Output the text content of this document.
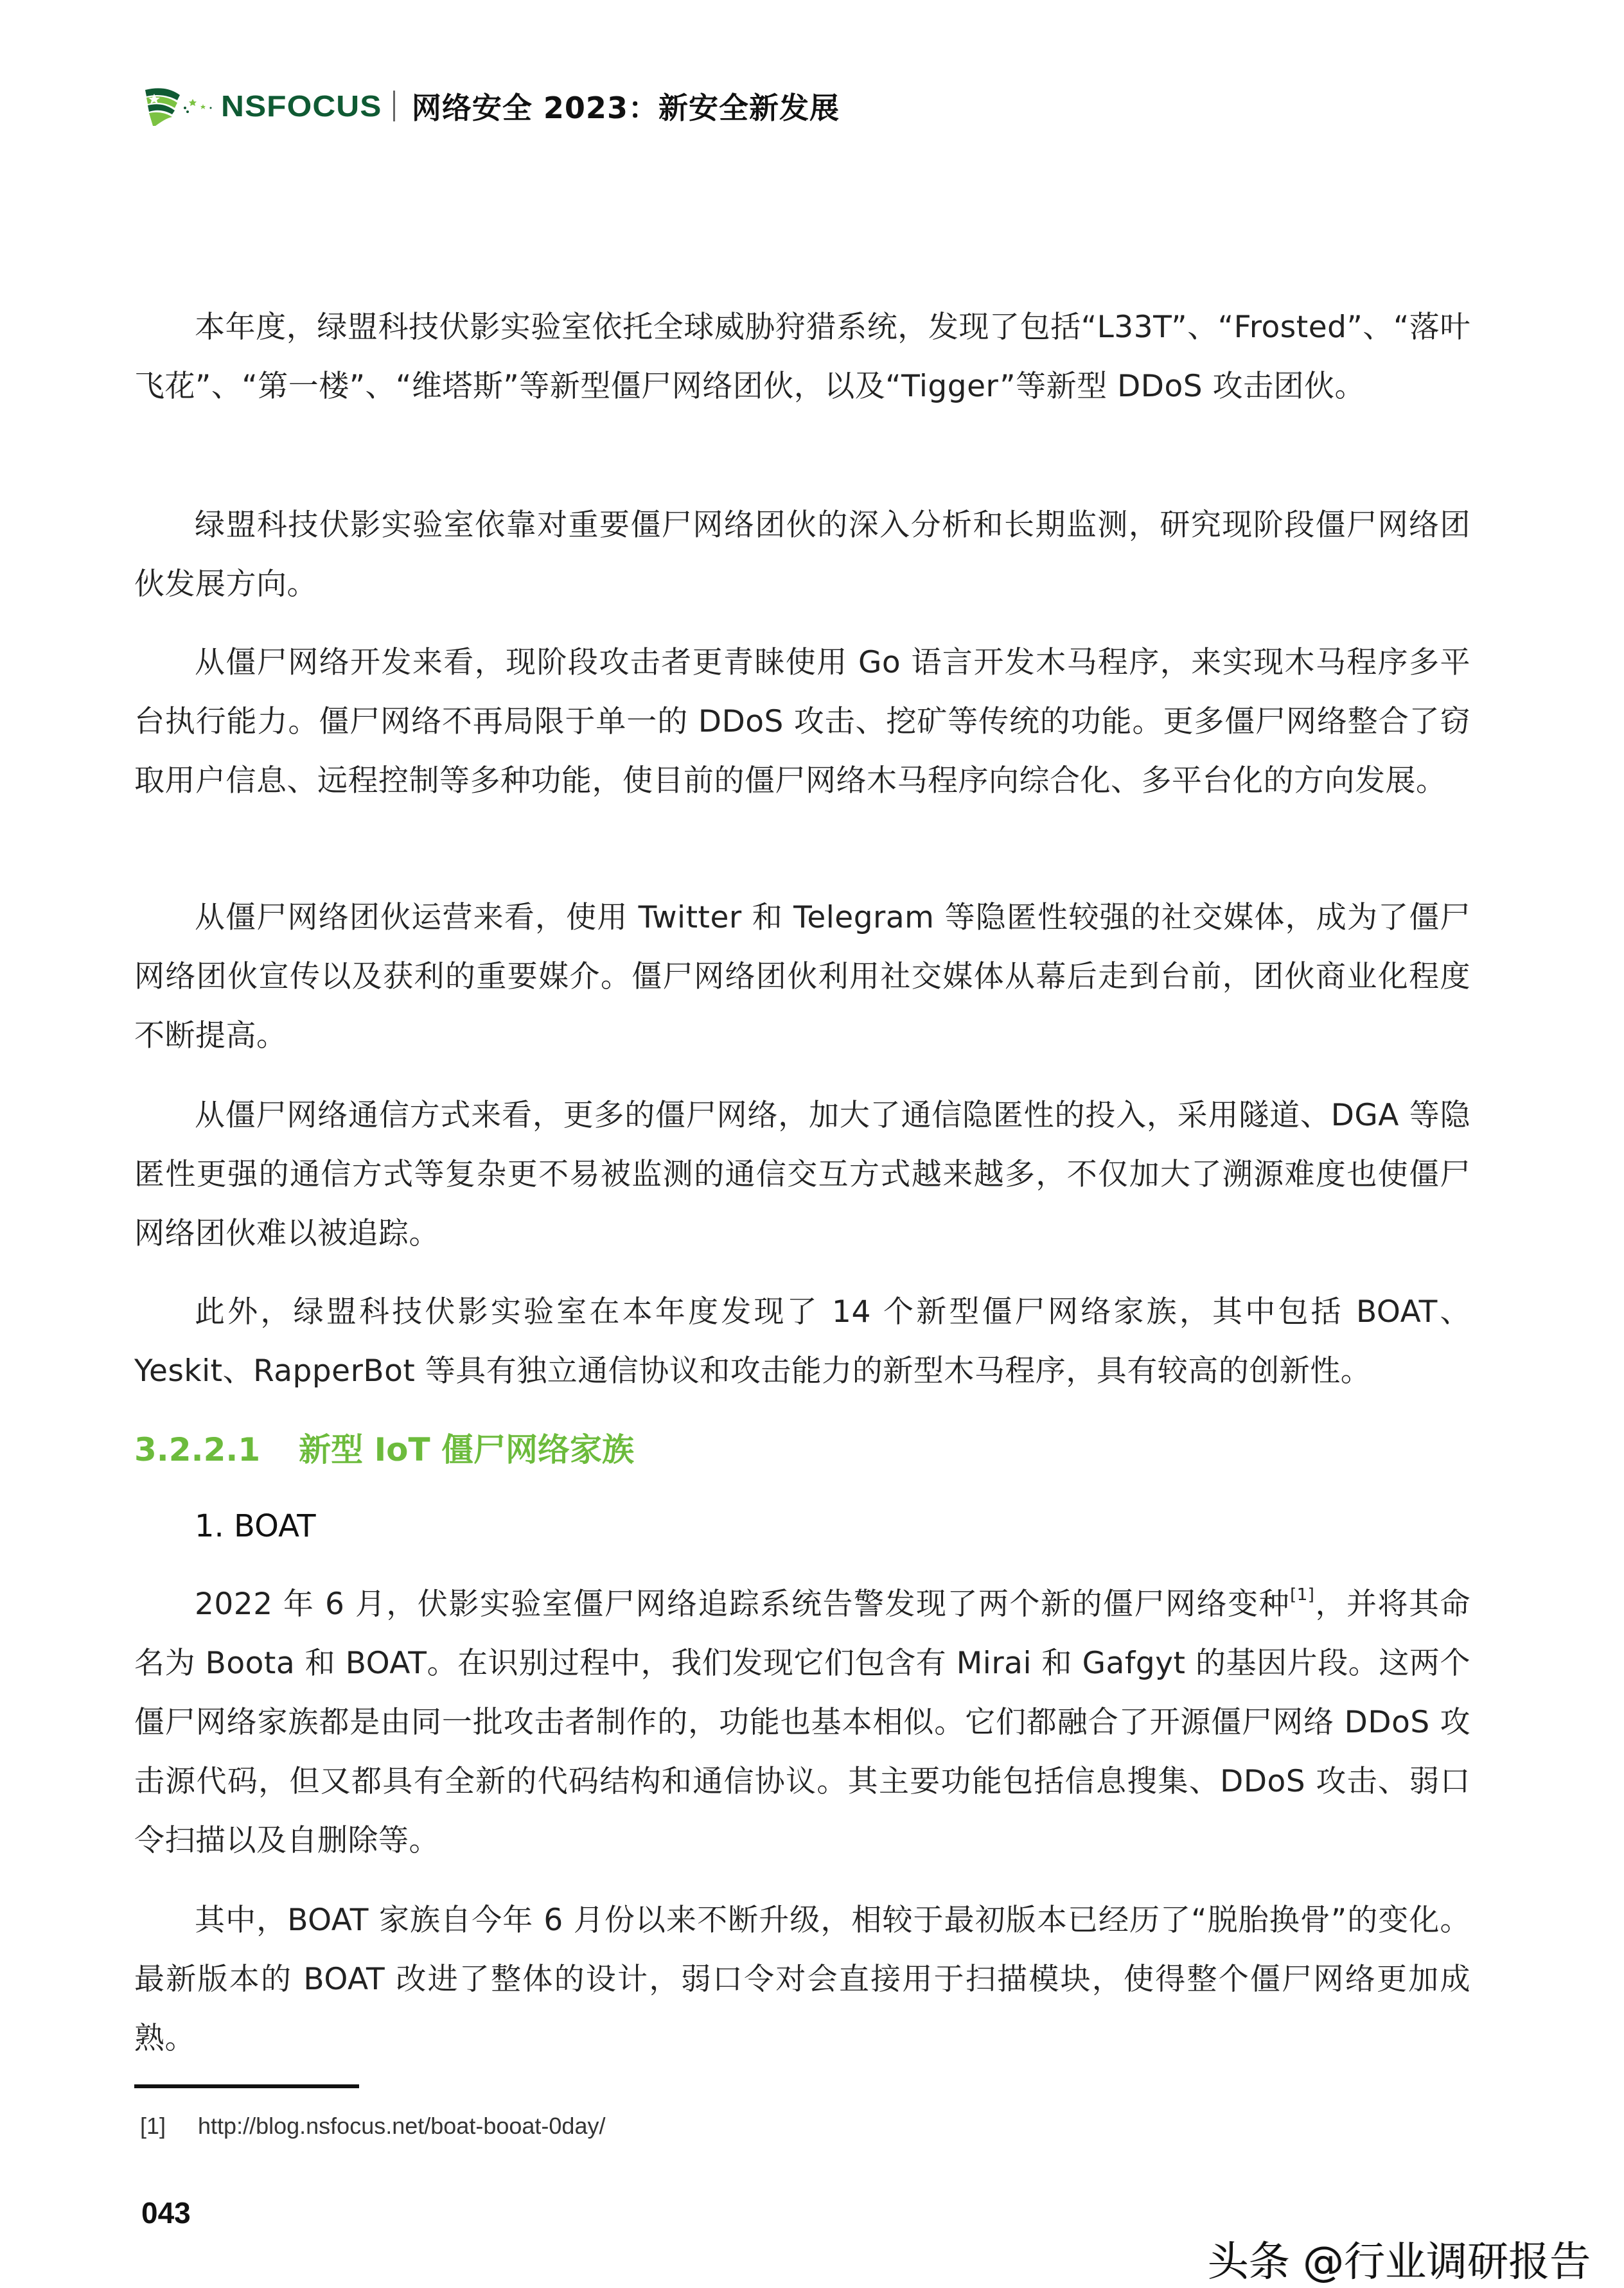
NSFOCUS 网络安全 2023：新安全新发展

本年度，绿盟科技伏影实验室依托全球威胁狩猎系统，发现了包括“L33T”、“Frosted”、“落叶飞花”、“第一楼”、“维塔斯”等新型僵尸网络团伙，以及“Tigger”等新型 DDoS 攻击团伙。

绿盟科技伏影实验室依靠对重要僵尸网络团伙的深入分析和长期监测，研究现阶段僵尸网络团伙发展方向。

从僵尸网络开发来看，现阶段攻击者更青睐使用 Go 语言开发木马程序，来实现木马程序多平台执行能力。僵尸网络不再局限于单一的 DDoS 攻击、挖矿等传统的功能。更多僵尸网络整合了窃取用户信息、远程控制等多种功能，使目前的僵尸网络木马程序向综合化、多平台化的方向发展。

从僵尸网络团伙运营来看，使用 Twitter 和 Telegram 等隐匿性较强的社交媒体，成为了僵尸网络团伙宣传以及获利的重要媒介。僵尸网络团伙利用社交媒体从幕后走到台前，团伙商业化程度不断提高。

从僵尸网络通信方式来看，更多的僵尸网络，加大了通信隐匿性的投入，采用隧道、DGA 等隐匿性更强的通信方式等复杂更不易被监测的通信交互方式越来越多，不仅加大了溯源难度也使僵尸网络团伙难以被追踪。

此外，绿盟科技伏影实验室在本年度发现了 14 个新型僵尸网络家族，其中包括 BOAT、Yeskit、RapperBot 等具有独立通信协议和攻击能力的新型木马程序，具有较高的创新性。

3.2.2.1 新型 IoT 僵尸网络家族
1. BOAT

2022 年 6 月，伏影实验室僵尸网络追踪系统告警发现了两个新的僵尸网络变种[1]，并将其命名为 Boota 和 BOAT。在识别过程中，我们发现它们包含有 Mirai 和 Gafgyt 的基因片段。这两个僵尸网络家族都是由同一批攻击者制作的，功能也基本相似。它们都融合了开源僵尸网络 DDoS 攻击源代码，但又都具有全新的代码结构和通信协议。其主要功能包括信息搜集、DDoS 攻击、弱口令扫描以及自删除等。

其中，BOAT 家族自今年 6 月份以来不断升级，相较于最初版本已经历了“脱胎换骨”的变化。最新版本的 BOAT 改进了整体的设计，弱口令对会直接用于扫描模块，使得整个僵尸网络更加成熟。

[1] http://blog.nsfocus.net/boat-booat-0day/
043
头条 @行业调研报告
